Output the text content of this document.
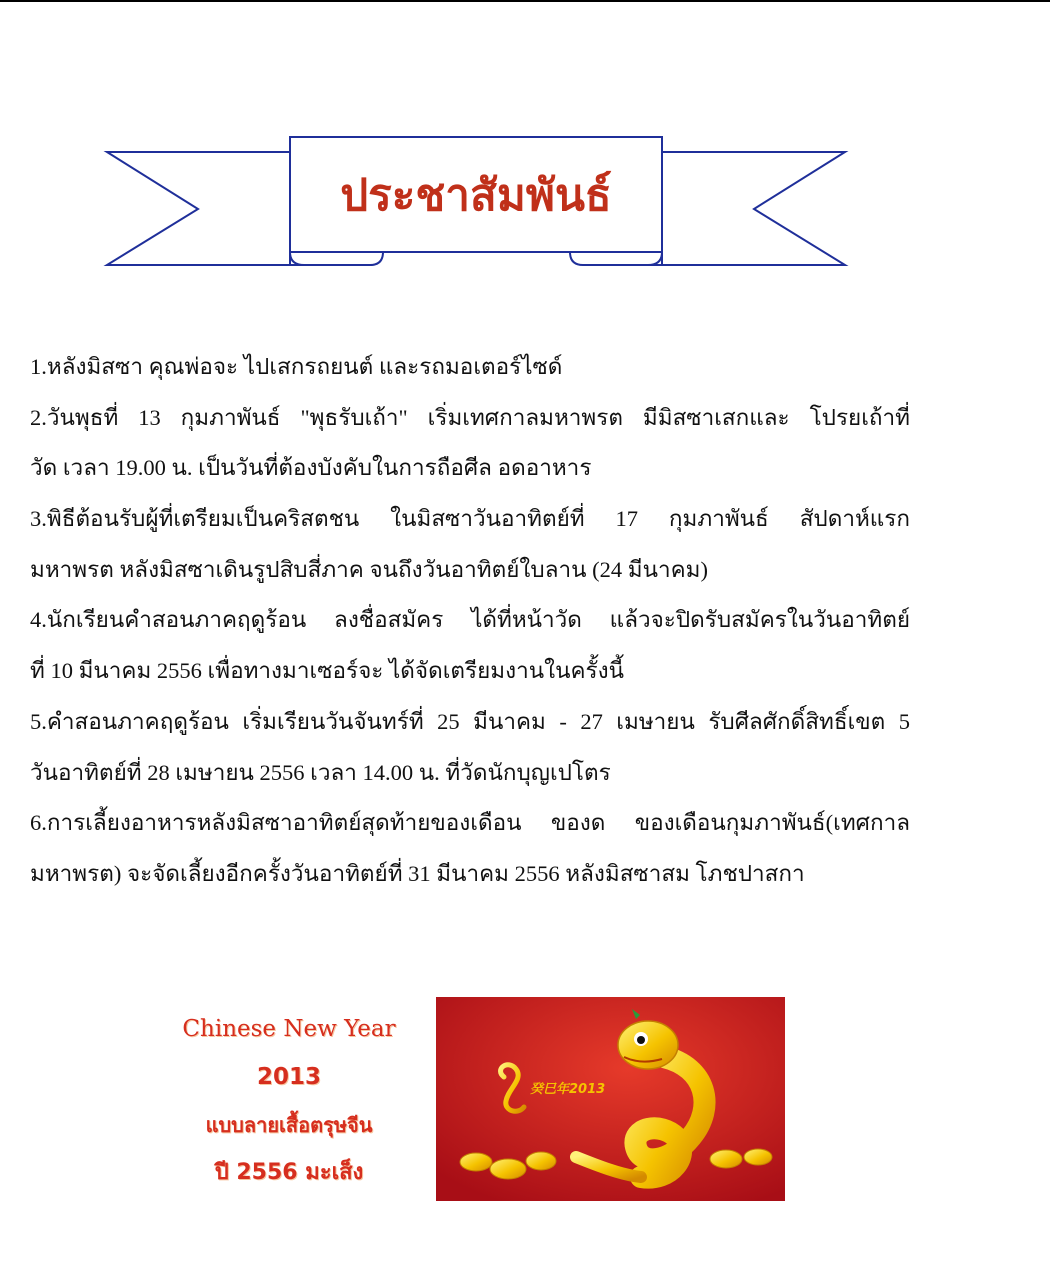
ประชาสัมพันธ์
1.หลังมิสซา คุณพ่อจะ ไปเสกรถยนต์ และรถมอเตอร์ไซด์
2.วันพุธที่ 13 กุมภาพันธ์ "พุธรับเถ้า" เริ่มเทศกาลมหาพรต มีมิสซาเสกและ โปรยเถ้าที่
วัด เวลา 19.00 น. เป็นวันที่ต้องบังคับในการถือศีล อดอาหาร
3.พิธีต้อนรับผู้ที่เตรียมเป็นคริสตชน ในมิสซาวันอาทิตย์ที่ 17 กุมภาพันธ์ สัปดาห์แรก
มหาพรต หลังมิสซาเดินรูปสิบสี่ภาค จนถึงวันอาทิตย์ใบลาน (24 มีนาคม)
4.นักเรียนคำสอนภาคฤดูร้อน ลงชื่อสมัคร ได้ที่หน้าวัด แล้วจะปิดรับสมัครในวันอาทิตย์
ที่ 10 มีนาคม 2556 เพื่อทางมาเซอร์จะ ได้จัดเตรียมงานในครั้งนี้
5.คำสอนภาคฤดูร้อน เริ่มเรียนวันจันทร์ที่ 25 มีนาคม - 27 เมษายน รับศีลศักดิ์สิทธิ์เขต 5
วันอาทิตย์ที่ 28 เมษายน 2556 เวลา 14.00 น. ที่วัดนักบุญเปโตร
6.การเลี้ยงอาหารหลังมิสซาอาทิตย์สุดท้ายของเดือน ของด ของเดือนกุมภาพันธ์(เทศกาล
มหาพรต) จะจัดเลี้ยงอีกครั้งวันอาทิตย์ที่ 31 มีนาคม 2556 หลังมิสซาสม โภชปาสกา
Chinese New Year
2013
แบบลายเสื้อตรุษจีน
ปี 2556 มะเส็ง
癸巳年2013
